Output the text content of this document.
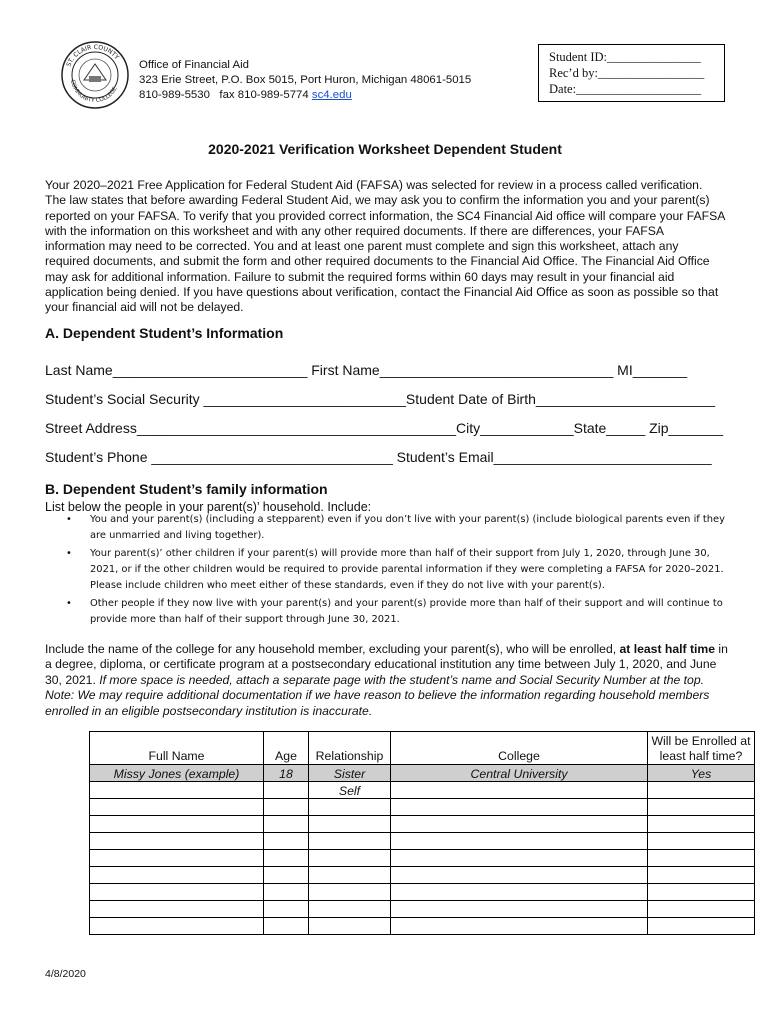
ST. CLAIR COUNTY
COMMUNITY COLLEGE
Office of Financial Aid
323 Erie Street, P.O. Box 5015, Port Huron, Michigan 48061-5015
810-989-5530   fax 810-989-5774 sc4.edu
Student ID:_______________
Rec’d by:_________________
Date:____________________
2020-2021 Verification Worksheet Dependent Student
Your 2020–2021 Free Application for Federal Student Aid (FAFSA) was selected for review in a process called verification. The law states that before awarding Federal Student Aid, we may ask you to confirm the information you and your parent(s) reported on your FAFSA. To verify that you provided correct information, the SC4 Financial Aid office will compare your FAFSA with the information on this worksheet and with any other required documents. If there are differences, your FAFSA information may need to be corrected. You and at least one parent must complete and sign this worksheet, attach any required documents, and submit the form and other required documents to the Financial Aid Office. The Financial Aid Office may ask for additional information. Failure to submit the required forms within 60 days may result in your financial aid application being denied. If you have questions about verification, contact the Financial Aid Office as soon as possible so that your financial aid will not be delayed.
A. Dependent Student’s Information
Last Name_________________________ First Name______________________________ MI_______
Student’s Social Security __________________________Student Date of Birth_______________________
Street Address_________________________________________City____________State_____ Zip_______
Student’s Phone _______________________________ Student’s Email____________________________
B. Dependent Student’s family information
List below the people in your parent(s)’ household. Include:
• You and your parent(s) (including a stepparent) even if you don’t live with your parent(s) (include biological parents even if they are unmarried and living together).
• Your parent(s)’ other children if your parent(s) will provide more than half of their support from July 1, 2020, through June 30, 2021, or if the other children would be required to provide parental information if they were completing a FAFSA for 2020–2021. Please include children who meet either of these standards, even if they do not live with your parent(s).
• Other people if they now live with your parent(s) and your parent(s) provide more than half of their support and will continue to provide more than half of their support through June 30, 2021.
Include the name of the college for any household member, excluding your parent(s), who will be enrolled, at least half time in a degree, diploma, or certificate program at a postsecondary educational institution any time between July 1, 2020, and June 30, 2021. If more space is needed, attach a separate page with the student’s name and Social Security Number at the top. Note: We may require additional documentation if we have reason to believe the information regarding household members enrolled in an eligible postsecondary institution is inaccurate.
Full Name	Age	Relationship	College	Will be Enrolled at least half time?
Missy Jones (example)	18	Sister	Central University	Yes
		Self		

4/8/2020
